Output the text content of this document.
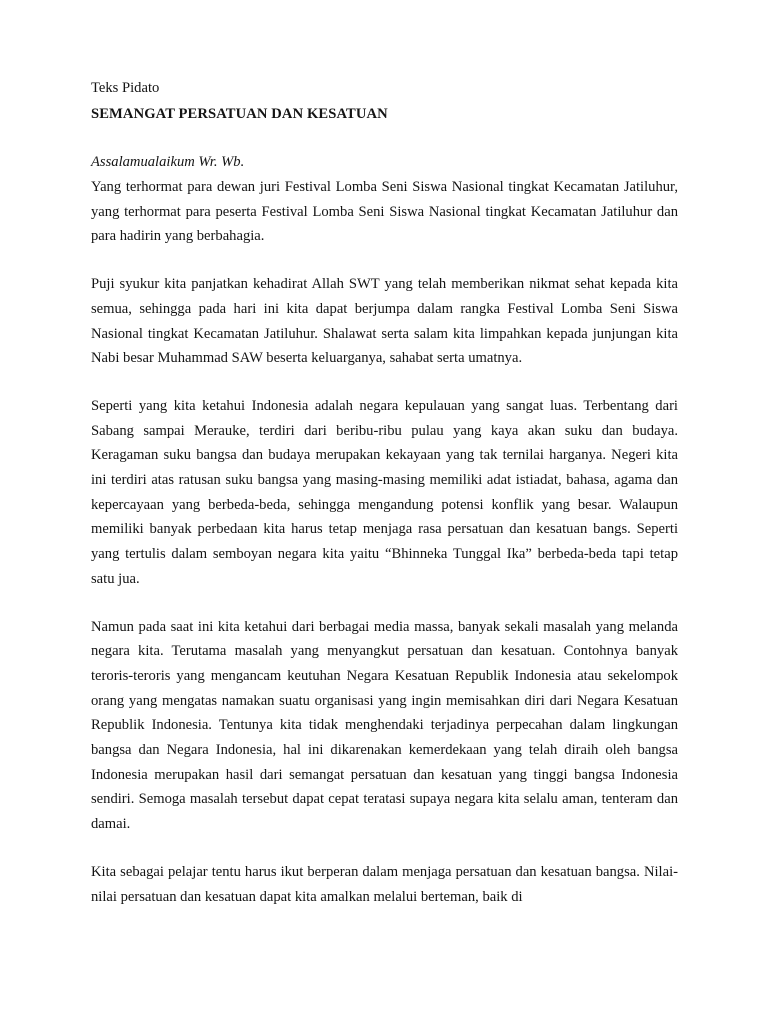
Teks Pidato

SEMANGAT PERSATUAN DAN KESATUAN

Assalamualaikum Wr. Wb.

Yang terhormat para dewan juri Festival Lomba Seni Siswa Nasional tingkat Kecamatan Jatiluhur, yang terhormat para peserta Festival Lomba Seni Siswa Nasional tingkat Kecamatan Jatiluhur dan para hadirin yang berbahagia.

Puji syukur kita panjatkan kehadirat Allah SWT yang telah memberikan nikmat sehat kepada kita semua, sehingga pada hari ini kita dapat berjumpa dalam rangka Festival Lomba Seni Siswa Nasional tingkat Kecamatan Jatiluhur. Shalawat serta salam kita limpahkan kepada junjungan kita Nabi besar Muhammad SAW beserta keluarganya, sahabat serta umatnya.

Seperti yang kita ketahui Indonesia adalah negara kepulauan yang sangat luas. Terbentang dari Sabang sampai Merauke, terdiri dari beribu-ribu pulau yang kaya akan suku dan budaya. Keragaman suku bangsa dan budaya merupakan kekayaan yang tak ternilai harganya. Negeri kita ini terdiri atas ratusan suku bangsa yang masing-masing memiliki adat istiadat, bahasa, agama dan kepercayaan yang berbeda-beda, sehingga mengandung potensi konflik yang besar. Walaupun memiliki banyak perbedaan kita harus tetap menjaga rasa persatuan dan kesatuan bangs. Seperti yang tertulis dalam semboyan negara kita yaitu “Bhinneka Tunggal Ika” berbeda-beda tapi tetap satu jua.

Namun pada saat ini kita ketahui dari berbagai media massa, banyak sekali masalah yang melanda negara kita. Terutama masalah yang menyangkut persatuan dan kesatuan. Contohnya banyak teroris-teroris yang mengancam keutuhan Negara Kesatuan Republik Indonesia atau sekelompok orang yang mengatas namakan suatu organisasi yang ingin memisahkan diri dari Negara Kesatuan Republik Indonesia. Tentunya kita tidak menghendaki terjadinya perpecahan dalam lingkungan bangsa dan Negara Indonesia, hal ini dikarenakan kemerdekaan yang telah diraih oleh bangsa Indonesia merupakan hasil dari semangat persatuan dan kesatuan yang tinggi bangsa Indonesia sendiri. Semoga masalah tersebut dapat cepat teratasi supaya negara kita selalu aman, tenteram dan damai.

Kita sebagai pelajar tentu harus ikut berperan dalam menjaga persatuan dan kesatuan bangsa. Nilai-nilai persatuan dan kesatuan dapat kita amalkan melalui berteman, baik di
